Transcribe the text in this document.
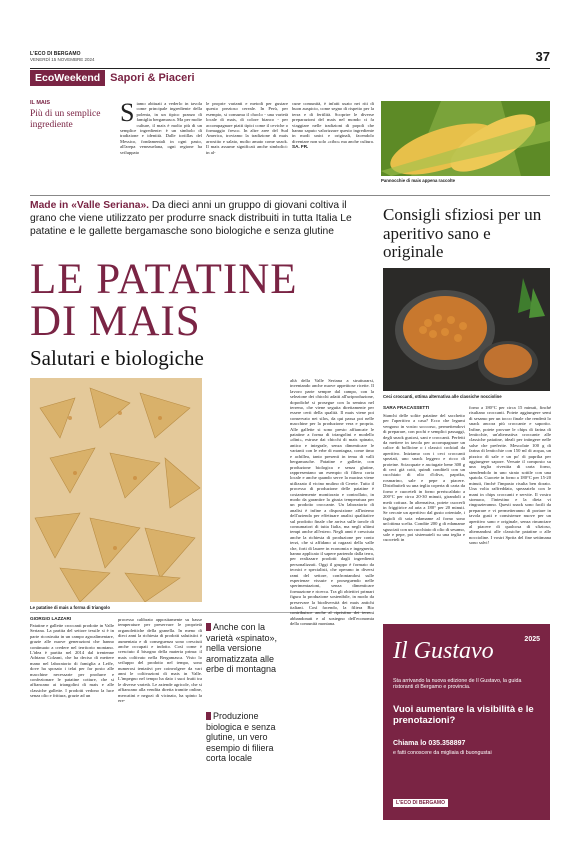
L'ECO DI BERGAMO
VENERDÌ 15 NOVEMBRE 2024	37
EcoWeekend Sapori & Piaceri
IL MAIS
Più di un semplice ingrediente	Siamo abituati a vederlo in tavola come principale ingrediente della polenta, in un tipico pranzo di famiglia bergamasca. Ma per molte culture, il mais è molto più di un semplice ingrediente: è un simbolo di tradizione e identità. Dalle tortillas del Messico, fondamentali in ogni pasto, all'arepa venezuelana, ogni regione ha sviluppato
le proprie varianti e metodi per gustare questo prezioso cereale. In Perù, per esempio, si consuma il choclo - una varietà locale di mais, di colore bianco - per accompagnare piatti tipici come il ceviche o formaggio fresco. In altre aree del Sud America, troviamo la tradizione di mais arrostito e salato, molto amato come snack. Il mais assume significati anche simbolici: in al-
cune comunità, è infatti usato nei riti di buon auspicio, come segno di rispetto per la terra e di fertilità. Scoprire le diverse preparazioni del mais nel mondo ci fa viaggiare nelle tradizioni di popoli che hanno saputo valorizzare questo ingrediente in modi unici e originali, facendolo diventare non solo «cibo» ma anche cultura. SA. FR.
Pannocchie di mais appena raccolte
Made in «Valle Seriana». Da dieci anni un gruppo di giovani coltiva il grano che viene utilizzato per produrre snack distribuiti in tutta Italia Le patatine e le gallette bergamasche sono biologiche e senza glutine
LE PATATINE
DI MAIS
Salutari e biologiche
Consigli sfiziosi per un aperitivo sano e originale
Ceci croccanti, ottima alternativa alle classiche noccioline
Le patatine di mais a forma di triangolo
GIORGIO LAZZARI
Patatine e gallette croccanti prodotte in Valle Seriana. La partita del settore tessile si è in parte ricostruita in un campo agroalimentare, grazie alle nuove generazioni che hanno continuato a credere nel territorio montano. L'idea è partita nel 2014 dal trentenne Adriano Colzani, che ha deciso di mettere mano nel laboratorio di famiglia a Leffe, dove ha sposato i telai per far posto alle macchine necessarie per produrre e confezionare le patatine cotture, che si affiancano ai triangolini di mais e alle classiche gallette. I prodotti vedono la luce senza olio e frittura, grazie ad un
processo calibrato appositamente su basse temperature per preservare le proprietà organolettiche della granella. In meno di dieci anni la richiesta di prodotti salutistici è aumentata e di conseguenza sono cresciuti anche occupati e indotto. Così come è cresciuto il bisogno della materia prima: il mais coltivato nella Bergamasca. Visto lo sviluppo del prodotto nel tempo, sono numerosi tentativi per coinvolgere da vari anni le coltivazioni di mais in Valle. L'impegno nel tempo ha dato i suoi frutti tra le diverse varietà. Le aziende agricole, che si affiancano alla vendita diretta tramite online, mercatini e negozi di vicinato, ha spinto la ere-
Anche con la varietà «spinato», nella versione aromatizzata alle erbe di montagna
Produzione biologica e senza glutine, un vero esempio di filiera corta locale
altà della Valle Seriana a strutturarsi, inventando anche nuove appetitose ricette. Il lavoro parte sempre dal campo, con la selezione dei chicchi adatti all'uriproduzione, dopodiché si prosegue con la semina nel terreno, che viene seguita direttamente per essere certi della qualità. Il mais viene poi conservato nei silos, da qui passa poi nelle macchine per la produzione vera e propria. Alle gallette si sono presto affiancate le patatine a forma di triangolini e modello «dini», estruse dai chicchi di mais spinato, antico e integrale, senza dimenticare le varianti con le erbe di montagna, come timo e achillea, tanto presenti in tema di valli bergamasche. Patatine e gallette, con produzione biologica e senza glutine, rappresentano un esempio di filiera corta locale e anche quando serve la macina viene utilizzato il vicino mulino di Cerete. Tutto il processo di produzione delle patatine è costantemente monitorato e controllato, in modo da garantire la giusta temperatura per un prodotto croccante. Un laboratorio di analisi è infine a disposizione all'interno dell'azienda per effettuare analisi qualitative sul prodotto finale che arriva sulle tavole di consumatori di tutta Italia, ma negli ultimi tempi anche all'estero. Negli anni è cresciuta anche la richiesta di produzione per conto terzi, che si affidano ai ragazzi della valle che, forti di lauree in economia e ingegneria, hanno applicato il sapere partendo dalla terra, per realizzare prodotti dagli ingredienti personalizzati. Oggi il gruppo è formato da tecnici e specialisti, che operano in diversi rami del settore, confrontandosi sulle esperienze vissute e proseguendo nelle sperimentazioni, senza dimenticare formazione e ricerca. Tra gli obiettivi primari figura la produzione sostenibile, in modo da preservare la biodiversità dei mais antichi italiani. Così facendo, la filiera Bio contribuisce anche al ripristino dei terreni abbandonati e al sostegno dell'economia della comunità montana.
SARA FRACASSETTI
Stanchi delle solite patatine del sacchetto per l'aperitivo a casa? Ecco che legumi vengono in vostro soccorso, permettendovi di preparare, con pochi e semplici passaggi, degli snack gustosi, sani e croccanti. Perfetti da mettere in tavola per accompagnare un calice di bollicine o i classici cocktail da aperitivo. Iniziamo con i ceci croccanti speziati, uno snack leggero e ricco di proteine. Sciacquate e asciugate bene 300 g di ceci già cotti, quindi conditeli con un cucchiaio di olio d'oliva, paprika, rosmarino, sale e pepe a piacere. Distribuiteli su una teglia coperta di carta da forno e cuoceteli in forno preriscaldato a 200°C per circa 20-30 minuti, girandoli a metà cottura. In alternativa, potete cuocerli in friggitrice ad aria a 180° per 20 minuti. Se cercate un aperitivo dal gusto orientale, i fagioli di soia edamame al forno sono un'ottima scelta. Condite 200 g di edamame sgusciati con un cucchiaio di olio di sesamo, sale e pepe, poi sistemateli su una teglia e cuoceteli in
forno a 180°C per circa 15 minuti, finché risultano croccanti. Potete aggiungere semi di sesamo per un tocco finale che renderà lo snack ancora più croccante e saporito. Infine, potete provare le chips di farina di lenticchie, un'alternativa croccante alle classiche patatine, ideali per intingere nelle salse che preferite. Mescolate 100 g di farina di lenticchie con 150 ml di acqua, un pizzico di sale e un po' di paprika per aggiungere sapore. Versate il composto su una teglia rivestita di carta forno, stendendolo in uno strato sottile con una spatola. Cuocete in forno a 180°C per 15-20 minuti, finché l'impasto risulta ben dorato. Una volta raffreddato, spezzatelo con le mani in chips croccanti e servite. Il vostro stomaco, l'intestino e la dieta vi ringrazieranno. Questi snack sono facili da preparare e vi permetteranno di portare in tavola gusti e consistenze nuove per un aperitivo sano e originale, senza rinunciare al piacere di qualcosa di sfizioso, alternandosi alle classiche patatine o alle noccioline. I vostri Spritz del fine settimana sono salvi!
Il Gustavo	2025
Sta arrivando la nuova edizione de Il Gustavo, la guida ristoranti di Bergamo e provincia.
Vuoi aumentare la visibilità e le prenotazioni?
Chiama lo 035.358897
e fatti conoscere da migliaia di buongustai
L'ECO DI BERGAMO
